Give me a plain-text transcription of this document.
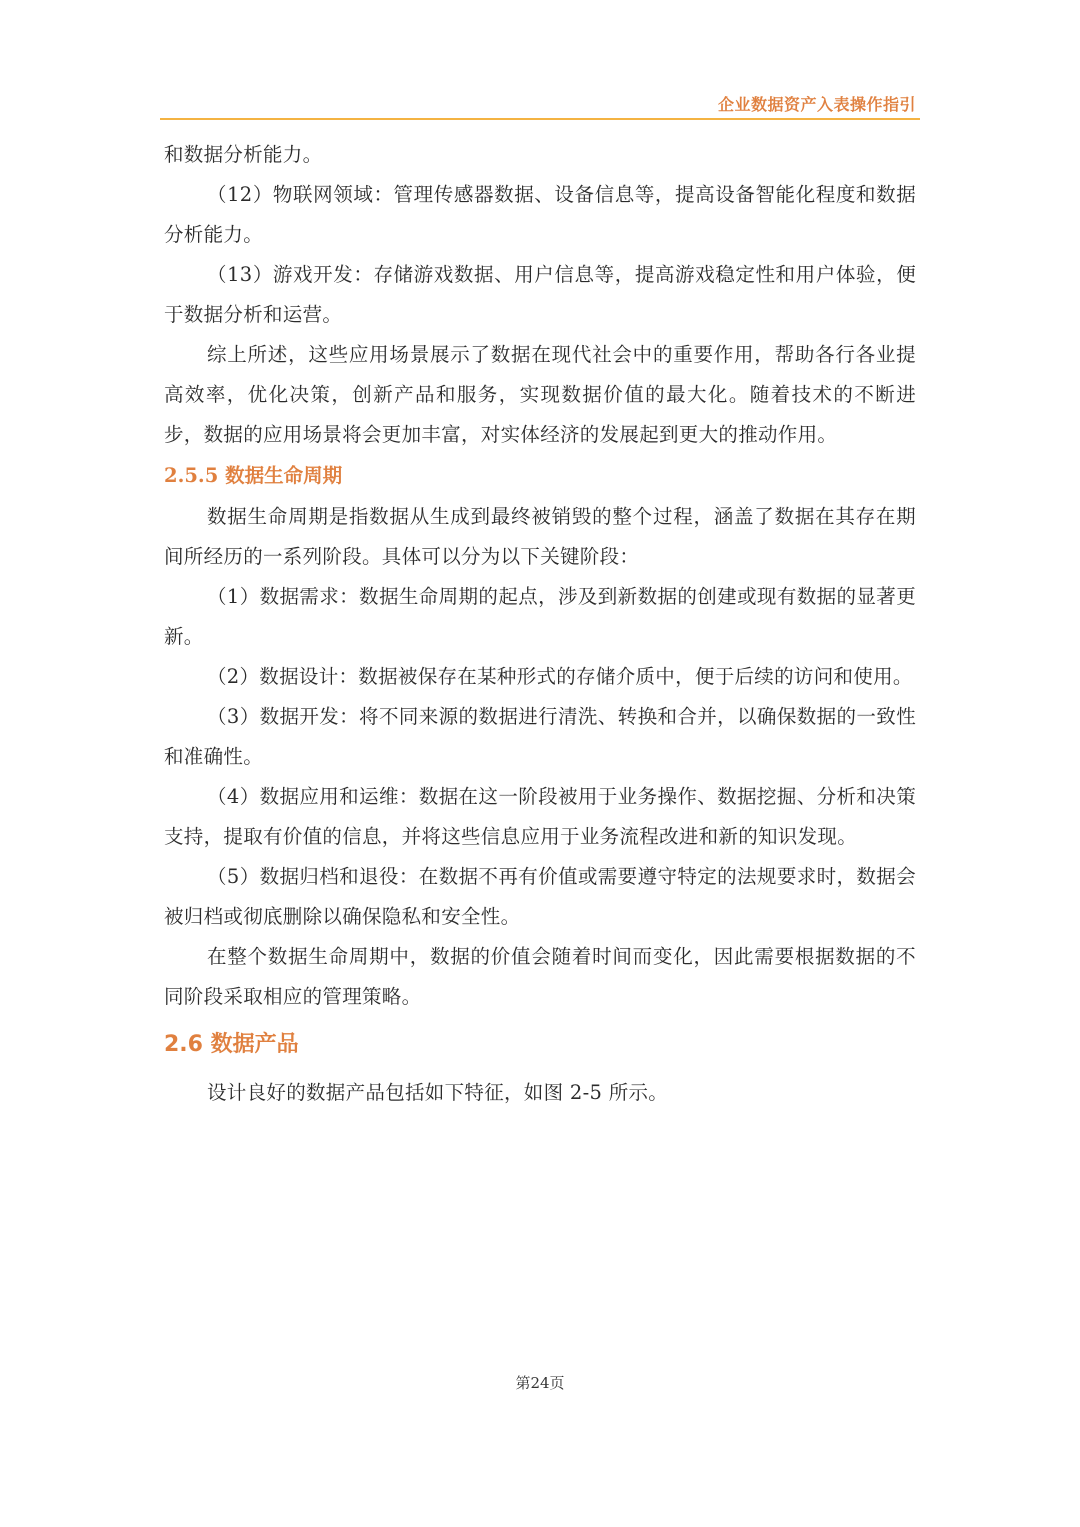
企业数据资产入表操作指引

和数据分析能力。

（12）物联网领域：管理传感器数据、设备信息等，提高设备智能化程度和数据分析能力。

（13）游戏开发：存储游戏数据、用户信息等，提高游戏稳定性和用户体验，便于数据分析和运营。

综上所述，这些应用场景展示了数据在现代社会中的重要作用，帮助各行各业提高效率，优化决策，创新产品和服务，实现数据价值的最大化。随着技术的不断进步，数据的应用场景将会更加丰富，对实体经济的发展起到更大的推动作用。

2.5.5 数据生命周期

数据生命周期是指数据从生成到最终被销毁的整个过程，涵盖了数据在其存在期间所经历的一系列阶段。具体可以分为以下关键阶段：

（1）数据需求：数据生命周期的起点，涉及到新数据的创建或现有数据的显著更新。

（2）数据设计：数据被保存在某种形式的存储介质中，便于后续的访问和使用。

（3）数据开发：将不同来源的数据进行清洗、转换和合并，以确保数据的一致性和准确性。

（4）数据应用和运维：数据在这一阶段被用于业务操作、数据挖掘、分析和决策支持，提取有价值的信息，并将这些信息应用于业务流程改进和新的知识发现。

（5）数据归档和退役：在数据不再有价值或需要遵守特定的法规要求时，数据会被归档或彻底删除以确保隐私和安全性。

在整个数据生命周期中，数据的价值会随着时间而变化，因此需要根据数据的不同阶段采取相应的管理策略。

2.6 数据产品

设计良好的数据产品包括如下特征，如图 2-5 所示。

第24页
